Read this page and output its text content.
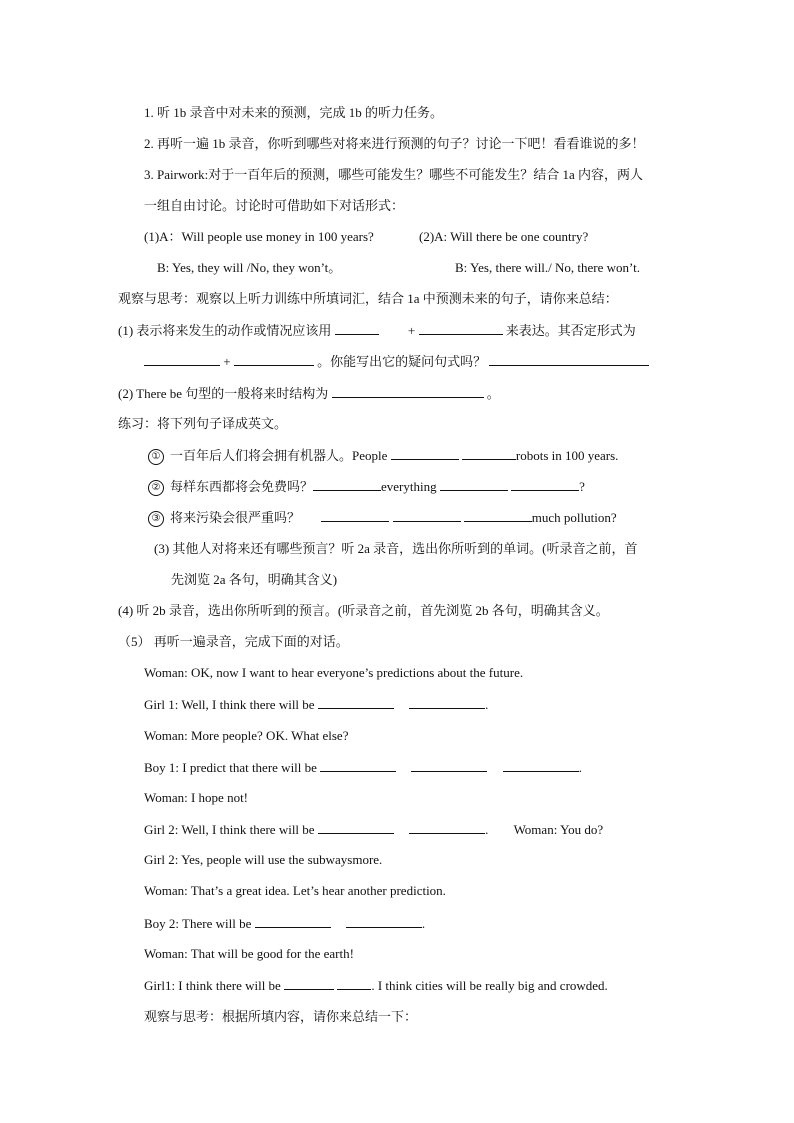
1. 听 1b 录音中对未来的预测，完成 1b 的听力任务。
2. 再听一遍 1b 录音，你听到哪些对将来进行预测的句子？讨论一下吧！看看谁说的多！
3. Pairwork:对于一百年后的预测，哪些可能发生？哪些不可能发生？结合 1a 内容，两人
一组自由讨论。讨论时可借助如下对话形式：
(1)A：Will people use money in 100 years?	(2)A: Will there be one country?
B: Yes, they will /No, they won’t。	B: Yes, there will./ No, there won’t.
观察与思考：观察以上听力训练中所填词汇，结合 1a 中预测未来的句子，请你来总结：
(1) 表示将来发生的动作或情况应该用	+	来表达。其否定形式为
+	。你能写出它的疑问句式吗？
(2) There be 句型的一般将来时结构为	。
练习：将下列句子译成英文。
① 一百年后人们将会拥有机器人。People	robots in 100 years.
② 每样东西都将会免费吗？	everything	?
③ 将来污染会很严重吗？	much pollution?
(3) 其他人对将来还有哪些预言？听 2a 录音，选出你所听到的单词。(听录音之前，首
先浏览 2a 各句，明确其含义)
(4) 听 2b 录音，选出你所听到的预言。(听录音之前，首先浏览 2b 各句，明确其含义。
（5） 再听一遍录音，完成下面的对话。
Woman: OK, now I want to hear everyone’s predictions about the future.
Girl 1: Well, I think there will be	.
Woman: More people? OK. What else?
Boy 1: I predict that there will be	.
Woman: I hope not!
Girl 2: Well, I think there will be	. Woman: You do?
Girl 2: Yes, people will use the subwaysmore.
Woman: That’s a great idea. Let’s hear another prediction.
Boy 2: There will be	.
Woman: That will be good for the earth!
Girl1: I think there will be	. I think cities will be really big and crowded.
观察与思考：根据所填内容，请你来总结一下：
